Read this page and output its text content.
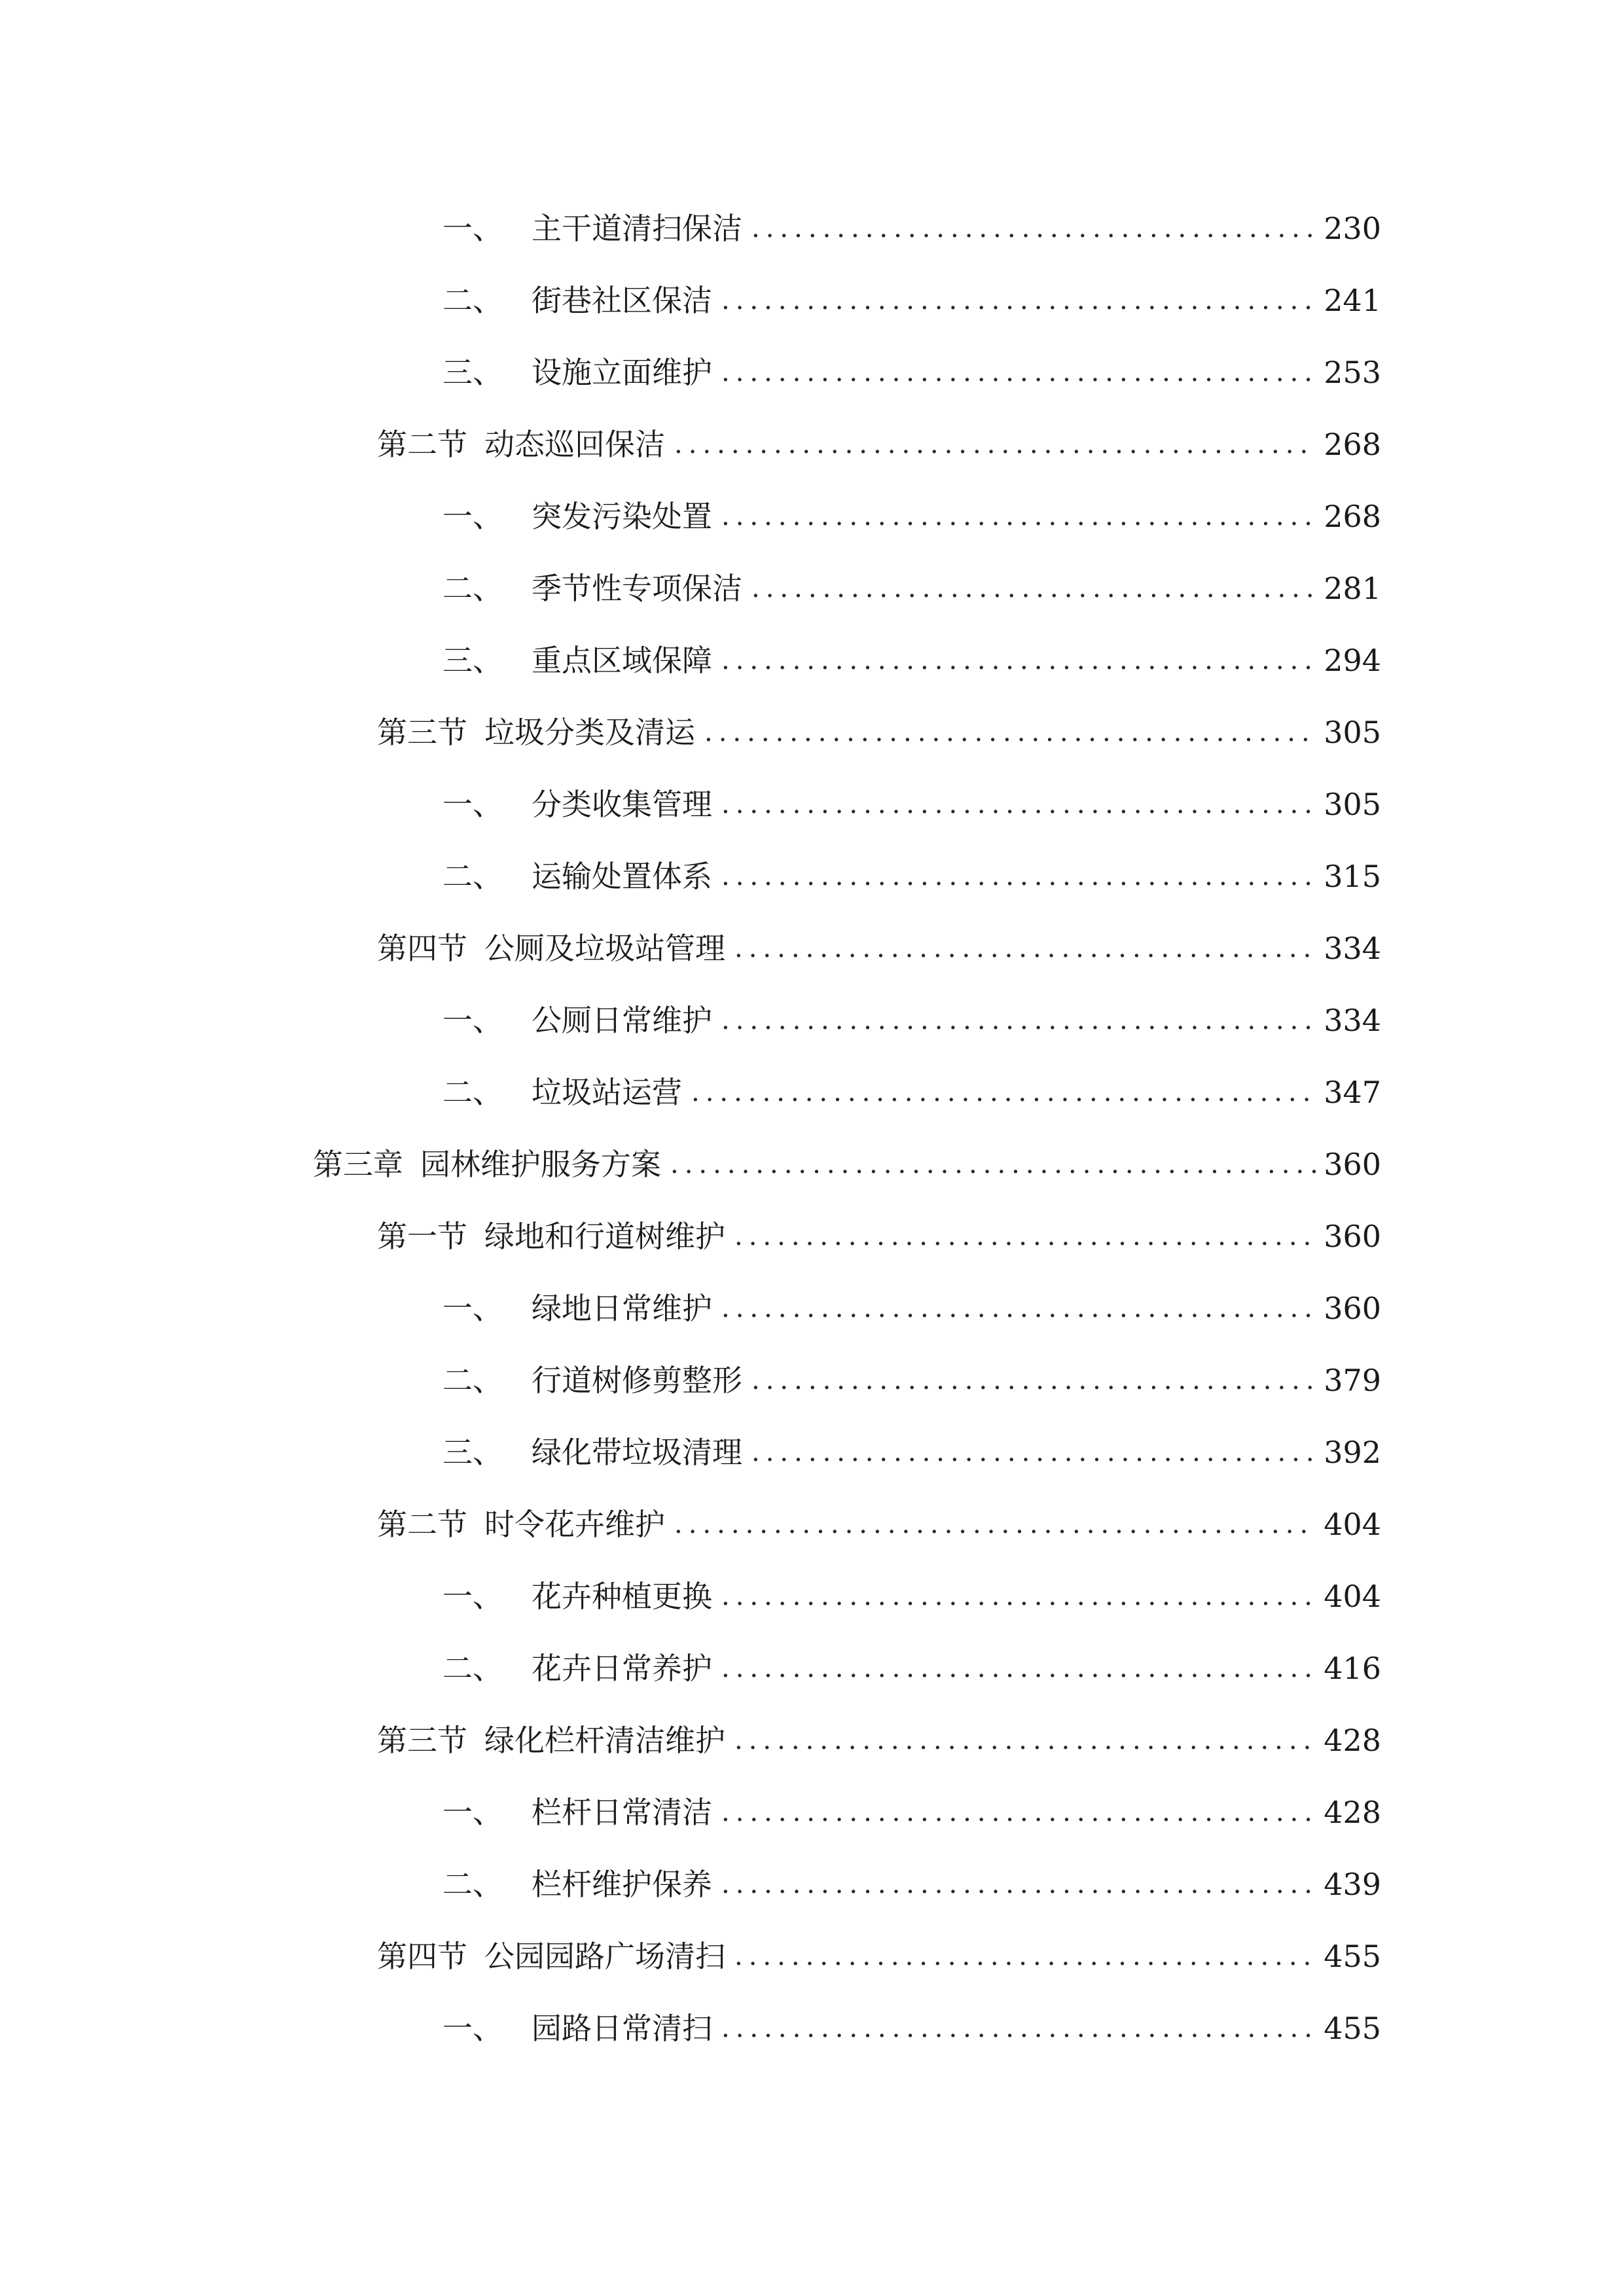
一、 主干道清扫保洁 .....	230
二、 街巷社区保洁 .....	241
三、 设施立面维护 .....	253
第二节 动态巡回保洁 .....	268
一、 突发污染处置 .....	268
二、 季节性专项保洁 .....	281
三、 重点区域保障 .....	294
第三节 垃圾分类及清运 .....	305
一、 分类收集管理 .....	305
二、 运输处置体系 .....	315
第四节 公厕及垃圾站管理 .....	334
一、 公厕日常维护 .....	334
二、 垃圾站运营 .....	347
第三章 园林维护服务方案 .....	360
第一节 绿地和行道树维护 .....	360
一、 绿地日常维护 .....	360
二、 行道树修剪整形 .....	379
三、 绿化带垃圾清理 .....	392
第二节 时令花卉维护 .....	404
一、 花卉种植更换 .....	404
二、 花卉日常养护 .....	416
第三节 绿化栏杆清洁维护 .....	428
一、 栏杆日常清洁 .....	428
二、 栏杆维护保养 .....	439
第四节 公园园路广场清扫 .....	455
一、 园路日常清扫 .....	455
